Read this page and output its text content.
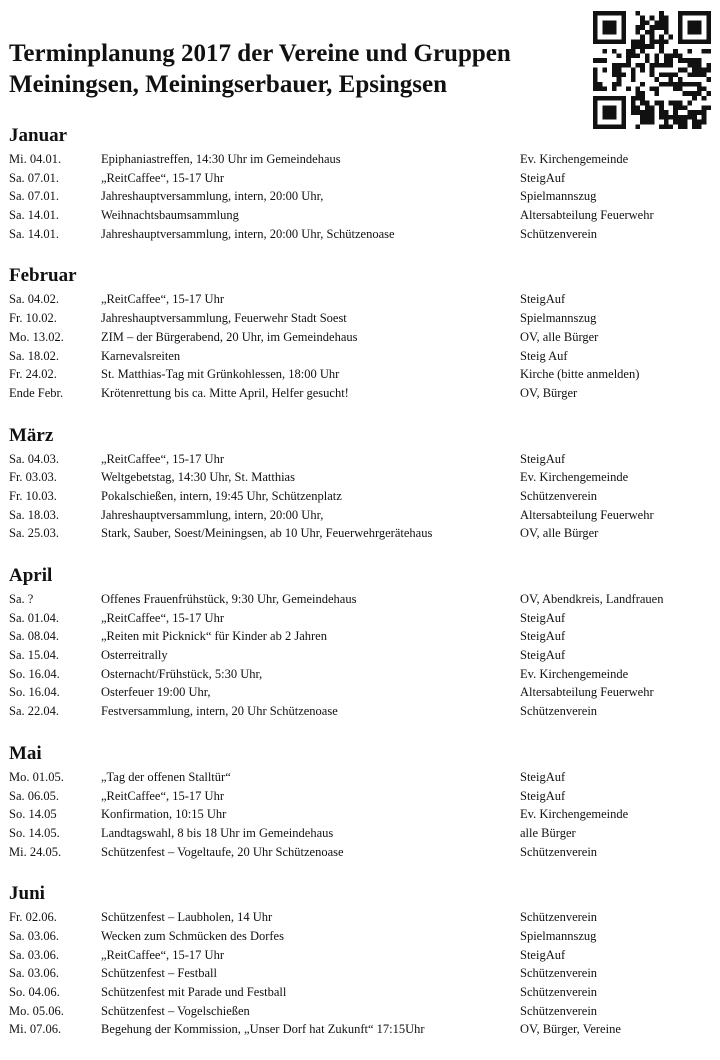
Terminplanung 2017 der Vereine und Gruppen
Meiningsen, Meiningserbauer, Epsingsen
Januar
Mi. 04.01.	Epiphaniastreffen, 14:30 Uhr im Gemeindehaus	Ev. Kirchengemeinde
Sa. 07.01.	„ReitCaffee“, 15-17 Uhr	SteigAuf
Sa. 07.01.	Jahreshauptversammlung, intern, 20:00 Uhr,	Spielmannszug
Sa. 14.01.	Weihnachtsbaumsammlung	Altersabteilung Feuerwehr
Sa. 14.01.	Jahreshauptversammlung, intern, 20:00 Uhr, Schützenoase	Schützenverein
Februar
Sa. 04.02.	„ReitCaffee“, 15-17 Uhr	SteigAuf
Fr. 10.02.	Jahreshauptversammlung, Feuerwehr Stadt Soest	Spielmannszug
Mo. 13.02.	ZIM – der Bürgerabend, 20 Uhr, im Gemeindehaus	OV, alle Bürger
Sa. 18.02.	Karnevalsreiten	Steig Auf
Fr. 24.02.	St. Matthias-Tag mit Grünkohlessen, 18:00 Uhr	Kirche (bitte anmelden)
Ende Febr.	Krötenrettung bis ca. Mitte April, Helfer gesucht!	OV, Bürger
März
Sa. 04.03.	„ReitCaffee“, 15-17 Uhr	SteigAuf
Fr. 03.03.	Weltgebetstag, 14:30 Uhr, St. Matthias	Ev. Kirchengemeinde
Fr. 10.03.	Pokalschießen, intern, 19:45 Uhr, Schützenplatz	Schützenverein
Sa. 18.03.	Jahreshauptversammlung, intern, 20:00 Uhr,	Altersabteilung Feuerwehr
Sa. 25.03.	Stark, Sauber, Soest/Meiningsen, ab 10 Uhr, Feuerwehrgerätehaus	OV, alle Bürger
April
Sa. ?	Offenes Frauenfrühstück, 9:30 Uhr, Gemeindehaus	OV, Abendkreis, Landfrauen
Sa. 01.04.	„ReitCaffee“, 15-17 Uhr	SteigAuf
Sa. 08.04.	„Reiten mit Picknick“ für Kinder ab 2 Jahren	SteigAuf
Sa. 15.04.	Osterreitrally	SteigAuf
So. 16.04.	Osternacht/Frühstück, 5:30 Uhr,	Ev. Kirchengemeinde
So. 16.04.	Osterfeuer 19:00 Uhr,	Altersabteilung Feuerwehr
Sa. 22.04.	Festversammlung, intern, 20 Uhr Schützenoase	Schützenverein
Mai
Mo. 01.05.	„Tag der offenen Stalltür“	SteigAuf
Sa. 06.05.	„ReitCaffee“, 15-17 Uhr	SteigAuf
So. 14.05	Konfirmation, 10:15 Uhr	Ev. Kirchengemeinde
So. 14.05.	Landtagswahl, 8 bis 18 Uhr im Gemeindehaus	alle Bürger
Mi. 24.05.	Schützenfest – Vogeltaufe, 20 Uhr Schützenoase	Schützenverein
Juni
Fr. 02.06.	Schützenfest – Laubholen, 14 Uhr	Schützenverein
Sa. 03.06.	Wecken zum Schmücken des Dorfes	Spielmannszug
Sa. 03.06.	„ReitCaffee“, 15-17 Uhr	SteigAuf
Sa. 03.06.	Schützenfest – Festball	Schützenverein
So. 04.06.	Schützenfest mit Parade und Festball	Schützenverein
Mo. 05.06.	Schützenfest – Vogelschießen	Schützenverein
Mi. 07.06.	Begehung der Kommission, „Unser Dorf hat Zukunft“ 17:15Uhr	OV, Bürger, Vereine
